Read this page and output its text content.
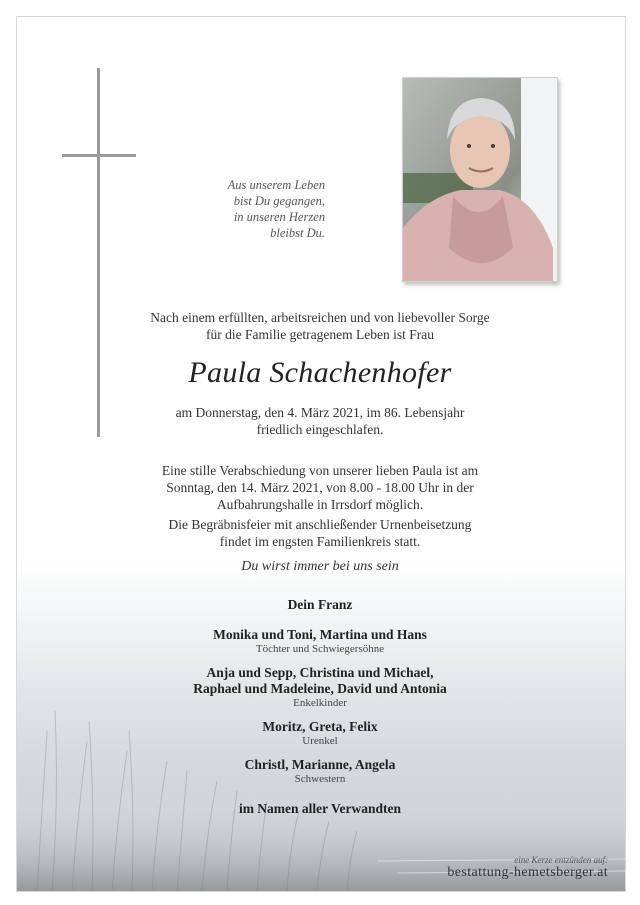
Aus unserem Leben
bist Du gegangen,
in unseren Herzen
bleibst Du.
Nach einem erfüllten, arbeitsreichen und von liebevoller Sorge
für die Familie getragenem Leben ist Frau
Paula Schachenhofer
am Donnerstag, den 4. März 2021, im 86. Lebensjahr
friedlich eingeschlafen.
Eine stille Verabschiedung von unserer lieben Paula ist am
Sonntag, den 14. März 2021, von 8.00 - 18.00 Uhr in der
Aufbahrungshalle in Irrsdorf möglich.
Die Begräbnisfeier mit anschließender Urnenbeisetzung
findet im engsten Familienkreis statt.
Du wirst immer bei uns sein
Dein Franz
Monika und Toni, Martina und Hans
Töchter und Schwiegersöhne
Anja und Sepp, Christina und Michael,
Raphael und Madeleine, David und Antonia
Enkelkinder
Moritz, Greta, Felix
Urenkel
Christl, Marianne, Angela
Schwestern
im Namen aller Verwandten
eine Kerze entzünden auf:
bestattung-hemetsberger.at
